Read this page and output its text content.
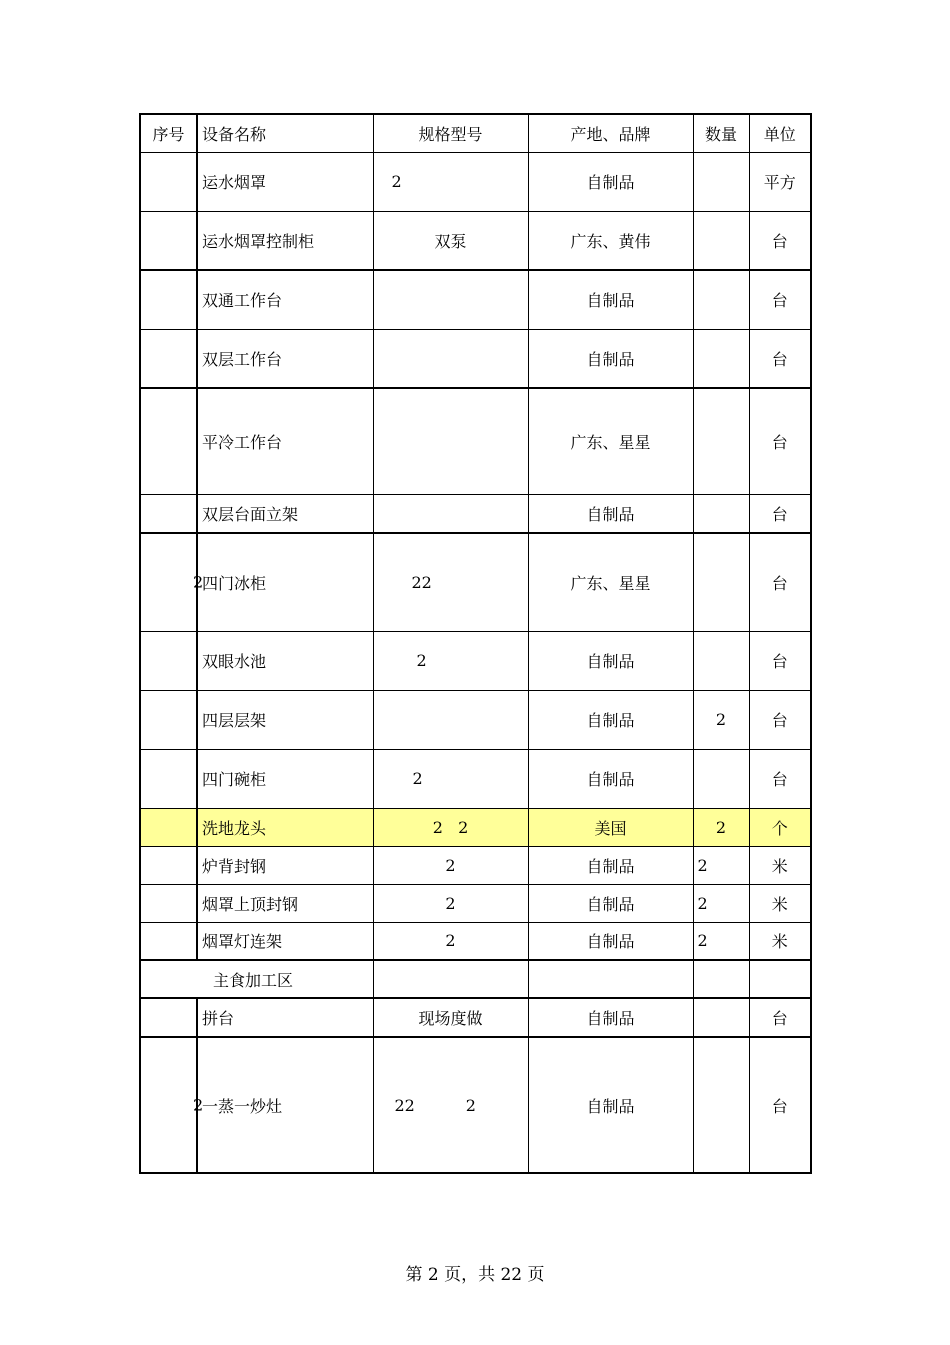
序号	设备名称	规格型号	产地、品牌	数量	单位
	运水烟罩	2	自制品		平方
	运水烟罩控制柜	双泵	广东、黄伟		台
	双通工作台		自制品		台
	双层工作台		自制品		台
	平冷工作台		广东、星星		台
	双层台面立架		自制品		台

2	四门冰柜	22	广东、星星		台
	双眼水池	2	自制品		台
	四层层架		自制品	2	台
	四门碗柜	2	自制品		台
	洗地龙头	2   2	美国	2	个
	炉背封钢	2	自制品	2	米
	烟罩上顶封钢	2	自制品	2	米
	烟罩灯连架	2	自制品	2	米
主食加工区					
	拼台	现场度做	自制品		台

2	一蒸一炒灶	22          2	自制品		台
第 2 页，共 22 页
